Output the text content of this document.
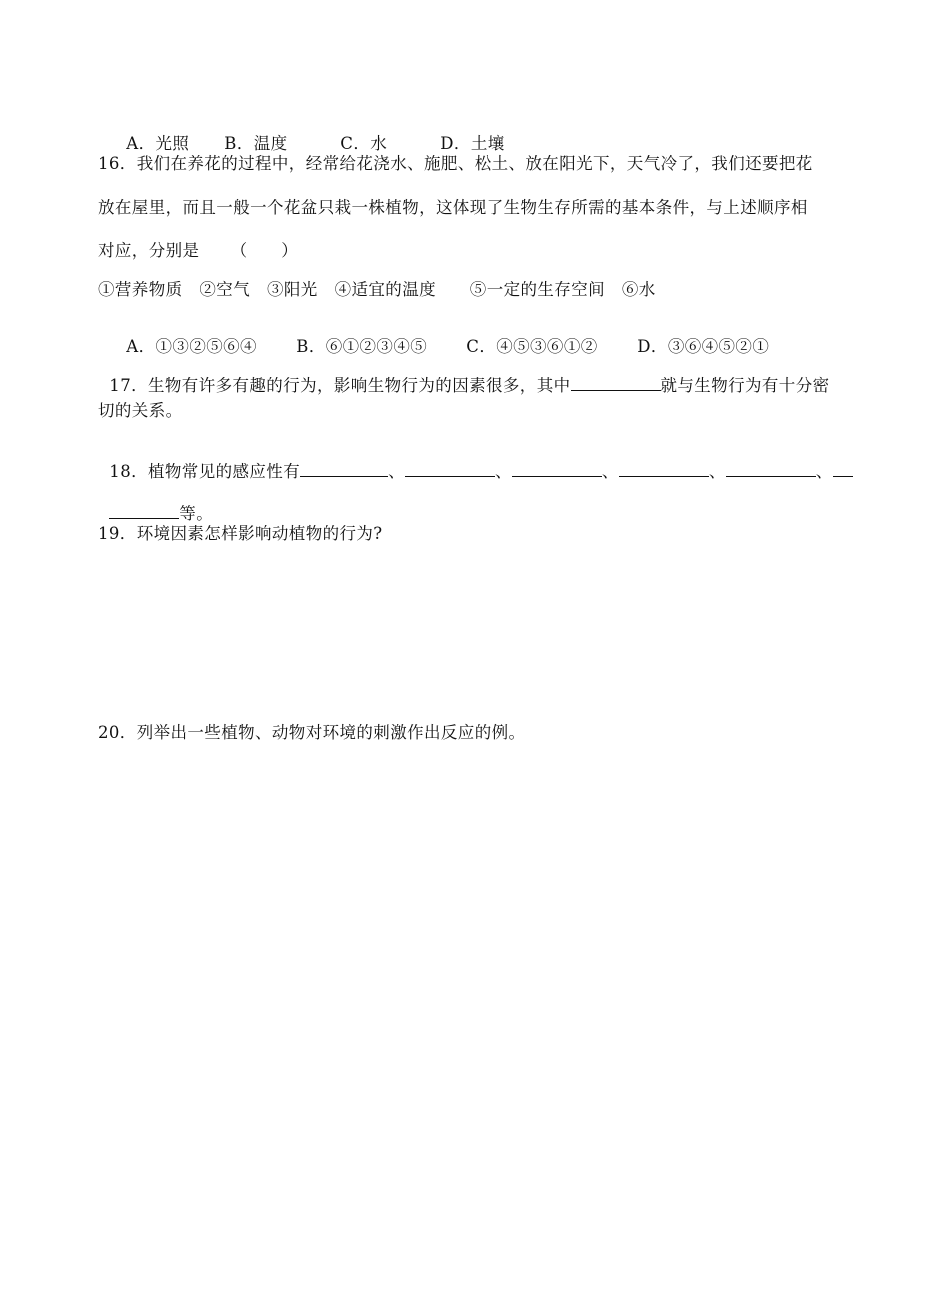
A．光照 B．温度	C．水	D．土壤

16．我们在养花的过程中，经常给花浇水、施肥、松土、放在阳光下，天气冷了，我们还要把花
放在屋里，而且一般一个花盆只栽一株植物，这体现了生物生存所需的基本条件，与上述顺序相
对应，分别是 　　（　　）
①营养物质　②空气　③阳光　④适宜的温度　　⑤一定的生存空间　⑥水

A．①③②⑤⑥④ B．⑥①②③④⑤ C．④⑤③⑥①② D．③⑥④⑤②①

17．生物有许多有趣的行为，影响生物行为的因素很多，其中	就与生物行为有十分密

切的关系。

18．植物常见的感应性有	、	、	、	、	、

等。

19．环境因素怎样影响动植物的行为?
20．列举出一些植物、动物对环境的刺激作出反应的例。
